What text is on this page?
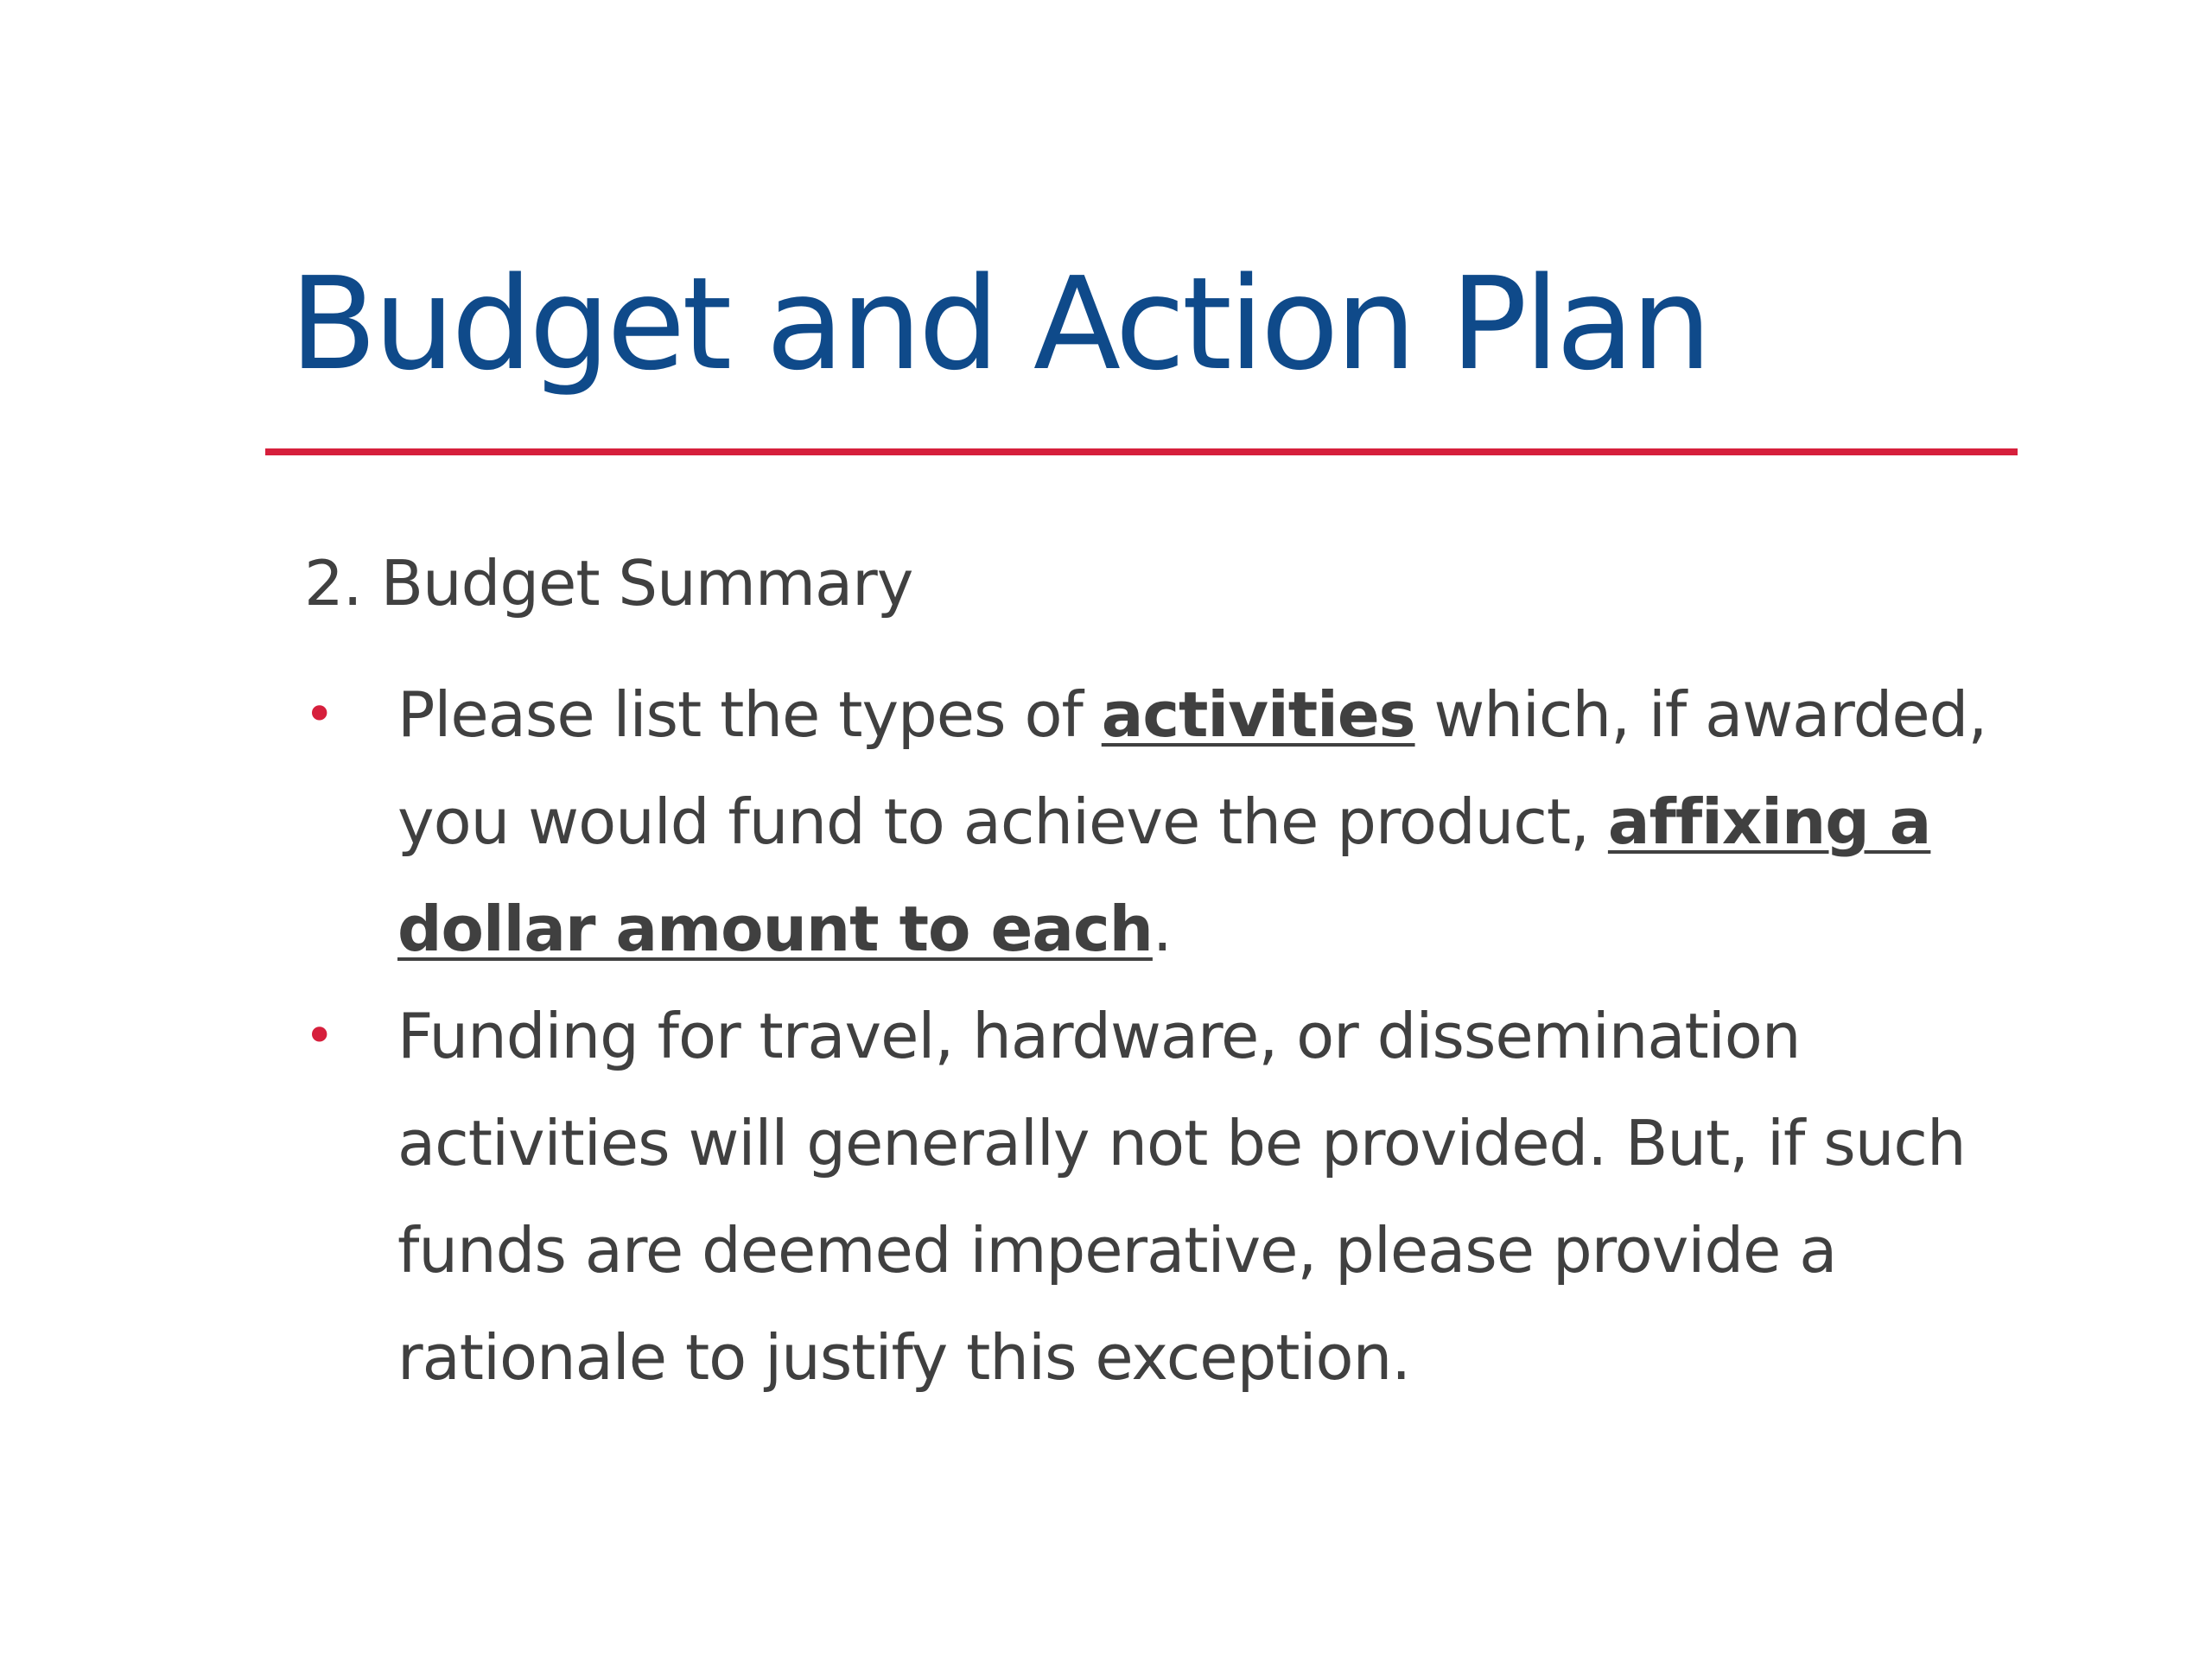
Budget and Action Plan

2. Budget Summary

• Please list the types of activities which, if awarded,
you would fund to achieve the product, affixing a
dollar amount to each.
• Funding for travel, hardware, or dissemination
activities will generally not be provided. But, if such
funds are deemed imperative, please provide a
rationale to justify this exception.
